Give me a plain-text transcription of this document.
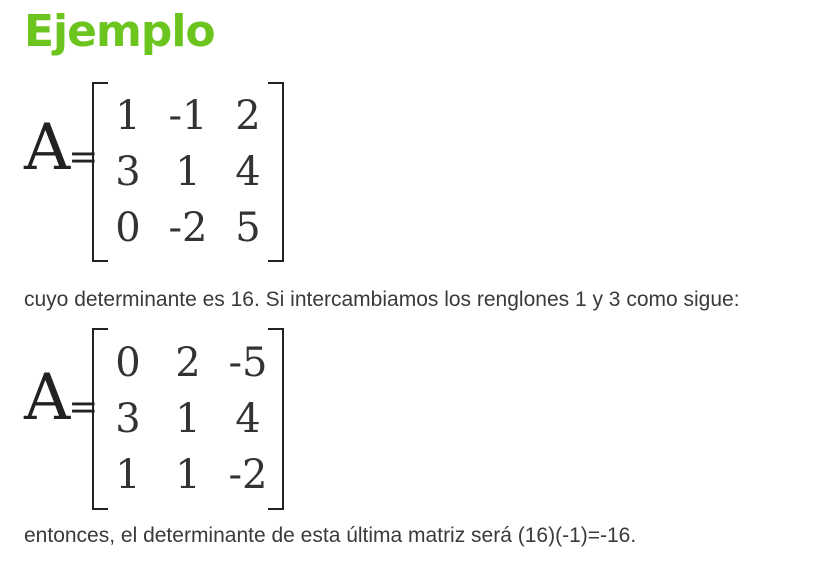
Ejemplo
A
=
1 -1 2
3 1 4
0 -2 5
cuyo determinante es 16. Si intercambiamos los renglones 1 y 3 como sigue:
A
=
0 2 -5
3 1 4
1 1 -2
entonces, el determinante de esta última matriz será (16)(-1)=-16.
